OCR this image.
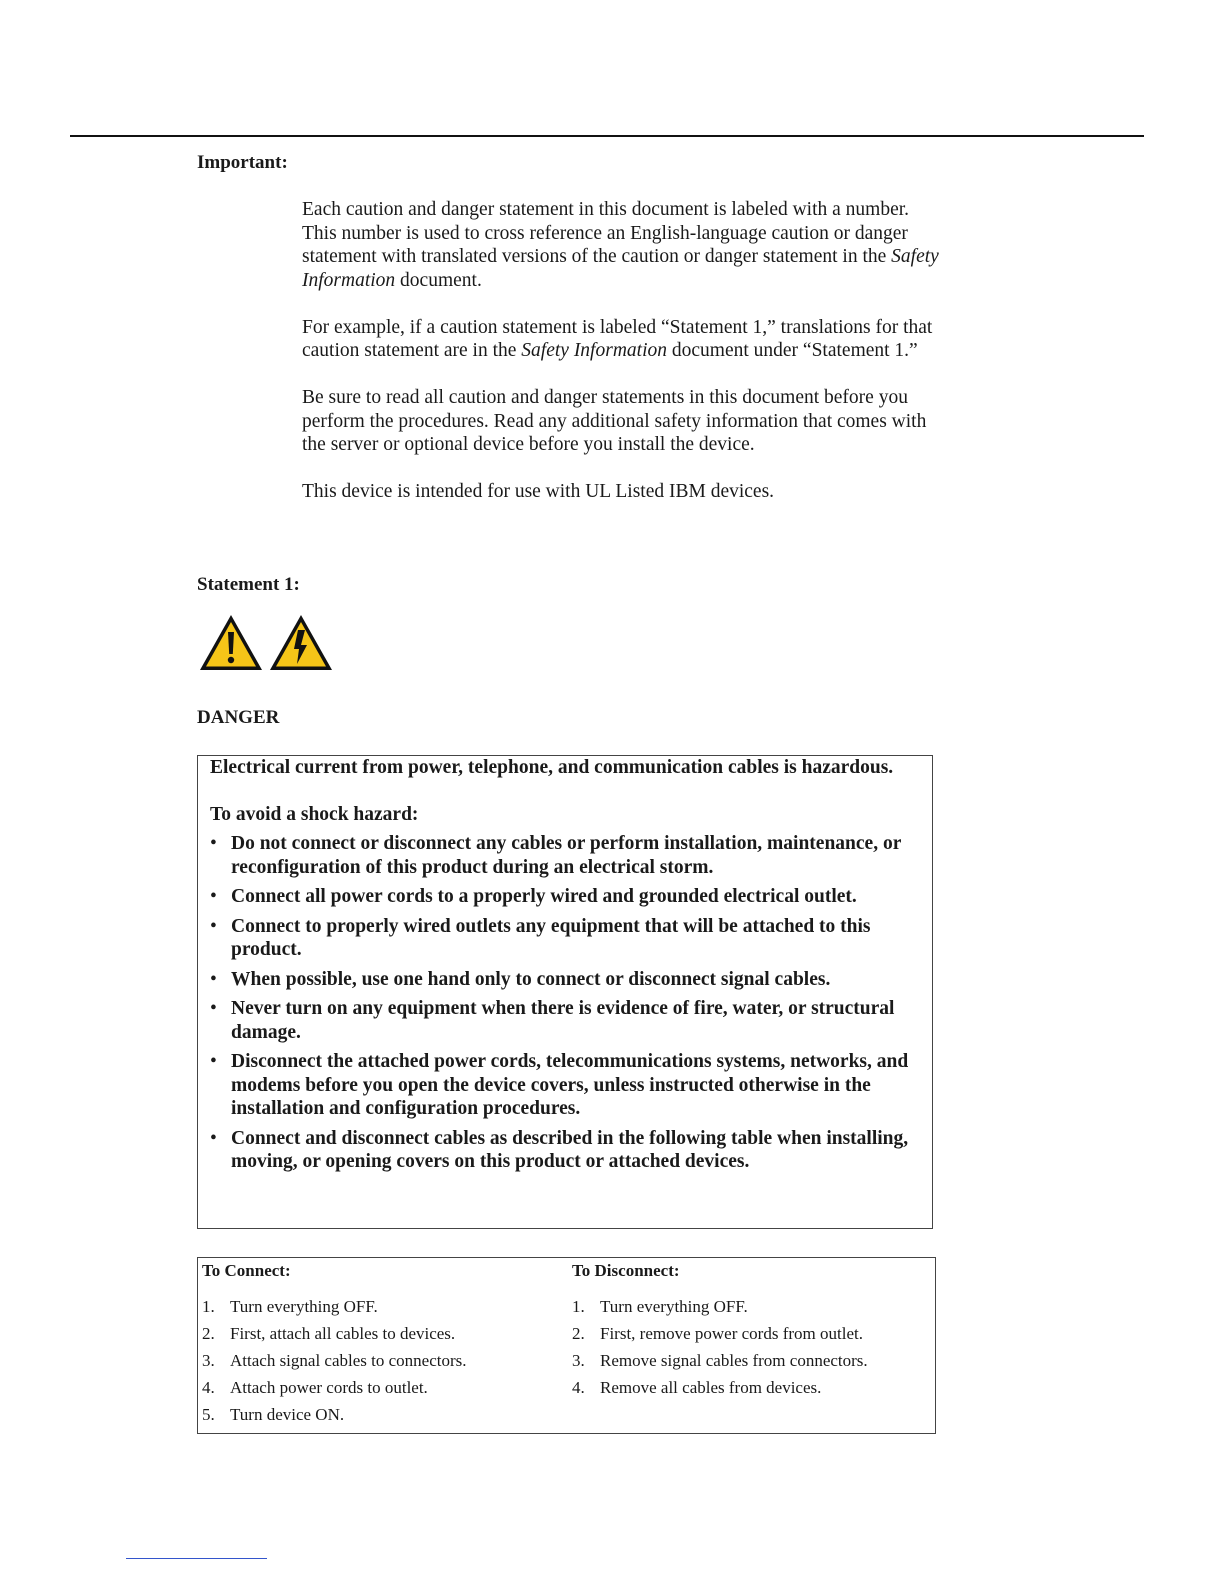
Important:

Each caution and danger statement in this document is labeled with a number. This number is used to cross reference an English-language caution or danger statement with translated versions of the caution or danger statement in the Safety Information document.

For example, if a caution statement is labeled “Statement 1,” translations for that caution statement are in the Safety Information document under “Statement 1.”

Be sure to read all caution and danger statements in this document before you perform the procedures. Read any additional safety information that comes with the server or optional device before you install the device.

This device is intended for use with UL Listed IBM devices.

Statement 1:
DANGER

Electrical current from power, telephone, and communication cables is hazardous.

To avoid a shock hazard:

• Do not connect or disconnect any cables or perform installation, maintenance, or reconfiguration of this product during an electrical storm.
• Connect all power cords to a properly wired and grounded electrical outlet.
• Connect to properly wired outlets any equipment that will be attached to this product.
• When possible, use one hand only to connect or disconnect signal cables.
• Never turn on any equipment when there is evidence of fire, water, or structural damage.
• Disconnect the attached power cords, telecommunications systems, networks, and modems before you open the device covers, unless instructed otherwise in the installation and configuration procedures.
• Connect and disconnect cables as described in the following table when installing, moving, or opening covers on this product or attached devices.
To Connect:
1. Turn everything OFF.
2. First, attach all cables to devices.
3. Attach signal cables to connectors.
4. Attach power cords to outlet.
5. Turn device ON.
To Disconnect:
1. Turn everything OFF.
2. First, remove power cords from outlet.
3. Remove signal cables from connectors.
4. Remove all cables from devices.
